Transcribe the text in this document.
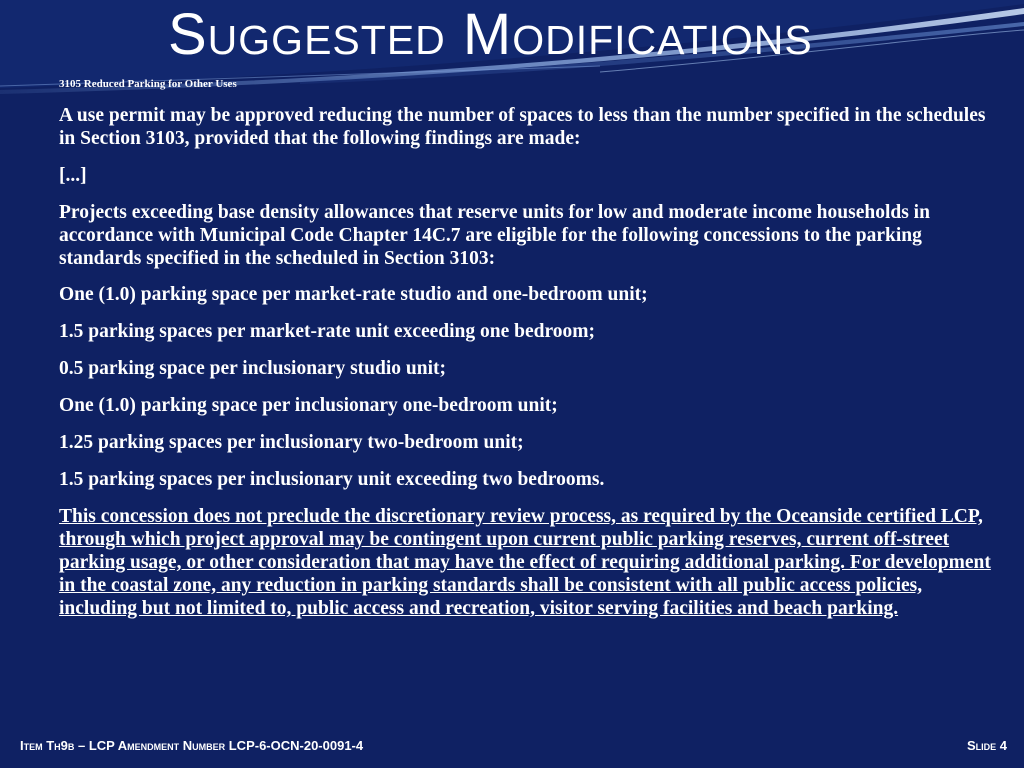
Suggested Modifications
3105 Reduced Parking for Other Uses

A use permit may be approved reducing the number of spaces to less than the number specified in the schedules in Section 3103, provided that the following findings are made:

[...]

Projects exceeding base density allowances that reserve units for low and moderate income households in accordance with Municipal Code Chapter 14C.7 are eligible for the following concessions to the parking standards specified in the scheduled in Section 3103:

One (1.0) parking space per market-rate studio and one-bedroom unit;

1.5 parking spaces per market-rate unit exceeding one bedroom;

0.5 parking space per inclusionary studio unit;

One (1.0) parking space per inclusionary one-bedroom unit;

1.25 parking spaces per inclusionary two-bedroom unit;

1.5 parking spaces per inclusionary unit exceeding two bedrooms.

This concession does not preclude the discretionary review process, as required by the Oceanside certified LCP, through which project approval may be contingent upon current public parking reserves, current off-street parking usage, or other consideration that may have the effect of requiring additional parking. For development in the coastal zone, any reduction in parking standards shall be consistent with all public access policies, including but not limited to, public access and recreation, visitor serving facilities and beach parking.

Item Th9b – LCP Amendment Number LCP-6-OCN-20-0091-4	Slide 4
